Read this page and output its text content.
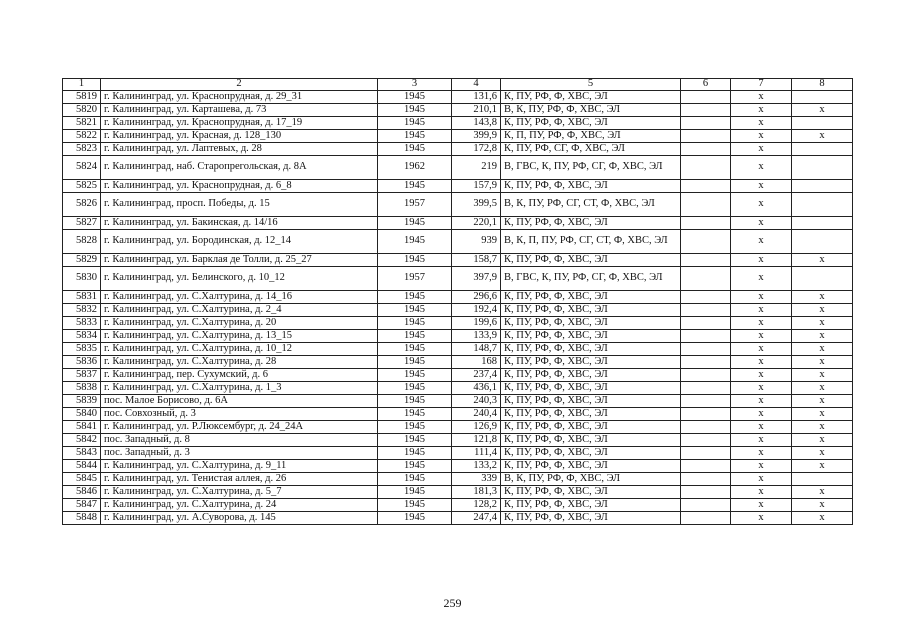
1	2	3	4	5	6	7	8
5819	г. Калининград, ул. Краснопрудная, д. 29_31	1945	131,6	К, ПУ, РФ, Ф, ХВС, ЭЛ		x	
5820	г. Калининград, ул. Карташева, д. 73	1945	210,1	В, К, ПУ, РФ, Ф, ХВС, ЭЛ		x	x
5821	г. Калининград, ул. Краснопрудная, д. 17_19	1945	143,8	К, ПУ, РФ, Ф, ХВС, ЭЛ		x	
5822	г. Калининград, ул. Красная, д. 128_130	1945	399,9	К, П, ПУ, РФ, Ф, ХВС, ЭЛ		x	x
5823	г. Калининград, ул. Лаптевых, д. 28	1945	172,8	К, ПУ, РФ, СГ, Ф, ХВС, ЭЛ		x	
5824	г. Калининград, наб. Старопрегольская, д. 8А	1962	219	В, ГВС, К, ПУ, РФ, СГ, Ф, ХВС, ЭЛ		x	
5825	г. Калининград, ул. Краснопрудная, д. 6_8	1945	157,9	К, ПУ, РФ, Ф, ХВС, ЭЛ		x	
5826	г. Калининград, просп. Победы, д. 15	1957	399,5	В, К, ПУ, РФ, СГ, СТ, Ф, ХВС, ЭЛ		x	
5827	г. Калининград, ул. Бакинская, д. 14/16	1945	220,1	К, ПУ, РФ, Ф, ХВС, ЭЛ		x	
5828	г. Калининград, ул. Бородинская, д. 12_14	1945	939	В, К, П, ПУ, РФ, СГ, СТ, Ф, ХВС, ЭЛ		x	
5829	г. Калининград, ул. Барклая де Толли, д. 25_27	1945	158,7	К, ПУ, РФ, Ф, ХВС, ЭЛ		x	x
5830	г. Калининград, ул. Белинского, д. 10_12	1957	397,9	В, ГВС, К, ПУ, РФ, СГ, Ф, ХВС, ЭЛ		x	
5831	г. Калининград, ул. С.Халтурина, д. 14_16	1945	296,6	К, ПУ, РФ, Ф, ХВС, ЭЛ		x	x
5832	г. Калининград, ул. С.Халтурина, д. 2_4	1945	192,4	К, ПУ, РФ, Ф, ХВС, ЭЛ		x	x
5833	г. Калининград, ул. С.Халтурина, д. 20	1945	199,6	К, ПУ, РФ, Ф, ХВС, ЭЛ		x	x
5834	г. Калининград, ул. С.Халтурина, д. 13_15	1945	133,9	К, ПУ, РФ, Ф, ХВС, ЭЛ		x	x
5835	г. Калининград, ул. С.Халтурина, д. 10_12	1945	148,7	К, ПУ, РФ, Ф, ХВС, ЭЛ		x	x
5836	г. Калининград, ул. С.Халтурина, д. 28	1945	168	К, ПУ, РФ, Ф, ХВС, ЭЛ		x	x
5837	г. Калининград, пер. Сухумский, д. 6	1945	237,4	К, ПУ, РФ, Ф, ХВС, ЭЛ		x	x
5838	г. Калининград, ул. С.Халтурина, д. 1_3	1945	436,1	К, ПУ, РФ, Ф, ХВС, ЭЛ		x	x
5839	пос. Малое Борисово, д. 6А	1945	240,3	К, ПУ, РФ, Ф, ХВС, ЭЛ		x	x
5840	пос. Совхозный, д. 3	1945	240,4	К, ПУ, РФ, Ф, ХВС, ЭЛ		x	x
5841	г. Калининград, ул. Р.Люксембург, д. 24_24А	1945	126,9	К, ПУ, РФ, Ф, ХВС, ЭЛ		x	x
5842	пос. Западный, д. 8	1945	121,8	К, ПУ, РФ, Ф, ХВС, ЭЛ		x	x
5843	пос. Западный, д. 3	1945	111,4	К, ПУ, РФ, Ф, ХВС, ЭЛ		x	x
5844	г. Калининград, ул. С.Халтурина, д. 9_11	1945	133,2	К, ПУ, РФ, Ф, ХВС, ЭЛ		x	x
5845	г. Калининград, ул. Тенистая аллея, д. 26	1945	339	В, К, ПУ, РФ, Ф, ХВС, ЭЛ		x	
5846	г. Калининград, ул. С.Халтурина, д. 5_7	1945	181,3	К, ПУ, РФ, Ф, ХВС, ЭЛ		x	x
5847	г. Калининград, ул. С.Халтурина, д. 24	1945	128,2	К, ПУ, РФ, Ф, ХВС, ЭЛ		x	x
5848	г. Калининград, ул. А.Суворова, д. 145	1945	247,4	К, ПУ, РФ, Ф, ХВС, ЭЛ		x	x
259
